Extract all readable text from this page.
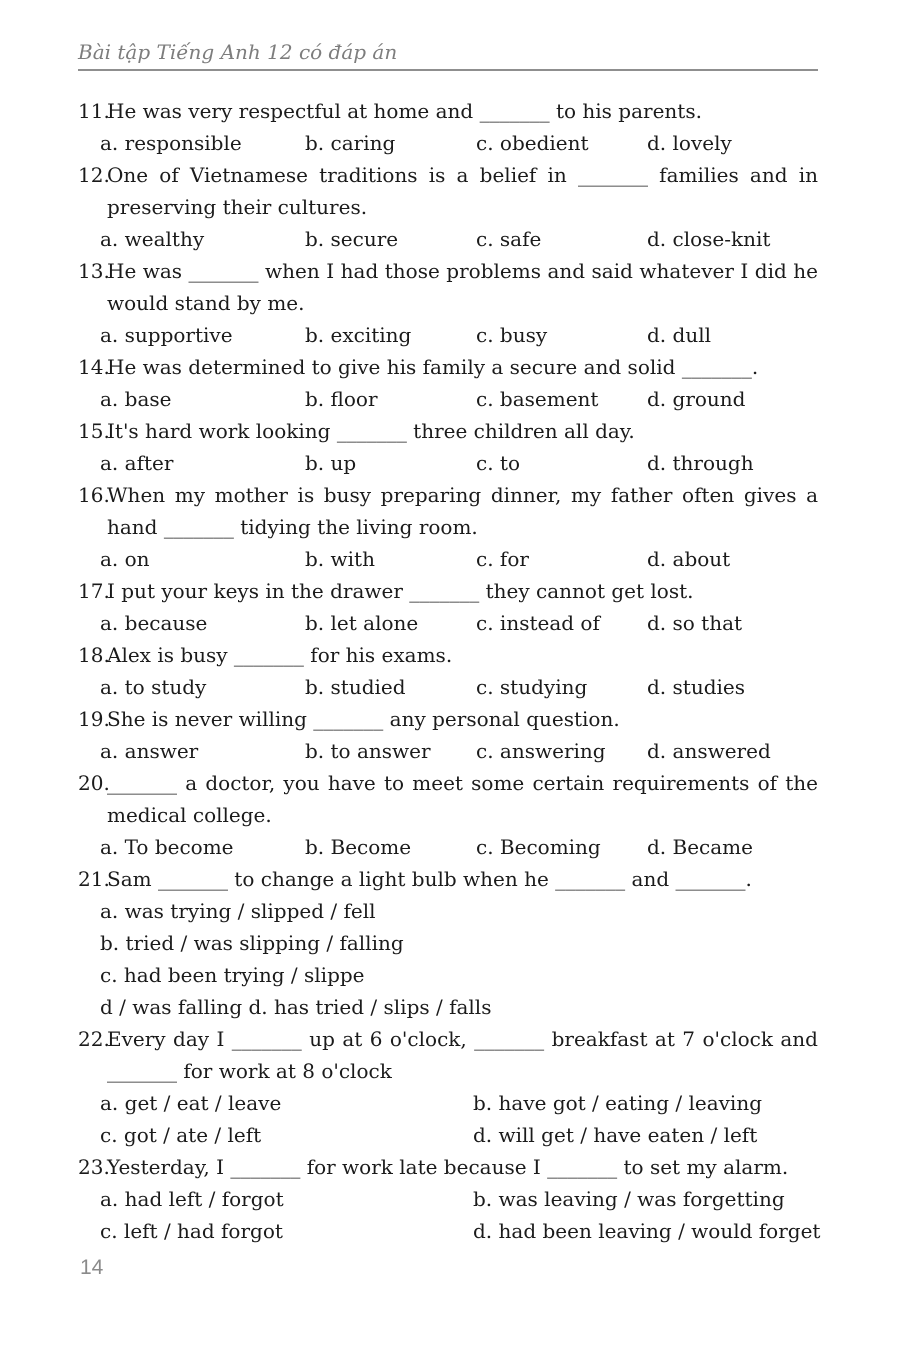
Bài tập Tiếng Anh 12 có đáp án
11.He was very respectful at home and _______ to his parents.
a. responsible	b. caring	c. obedient	d. lovely
12.One of Vietnamese traditions is a belief in _______ families and in preserving their cultures.
a. wealthy	b. secure	c. safe	d. close-knit
13.He was _______ when I had those problems and said whatever I did he would stand by me.
a. supportive	b. exciting	c. busy	d. dull
14.He was determined to give his family a secure and solid _______.
a. base	b. floor	c. basement	d. ground
15.It's hard work looking _______ three children all day.
a. after	b. up	c. to	d. through
16.When my mother is busy preparing dinner, my father often gives a hand _______ tidying the living room.
a. on	b. with	c. for	d. about
17.I put your keys in the drawer _______ they cannot get lost.
a. because	b. let alone	c. instead of	d. so that
18.Alex is busy _______ for his exams.
a. to study	b. studied	c. studying	d. studies
19.She is never willing _______ any personal question.
a. answer	b. to answer	c. answering	d. answered
20._______ a doctor, you have to meet some certain requirements of the medical college.
a. To become	b. Become	c. Becoming	d. Became
21.Sam _______ to change a light bulb when he _______ and _______.
a. was trying / slipped / fell
b. tried / was slipping / falling
c. had been trying / slippe
d / was falling d. has tried / slips / falls
22.Every day I _______ up at 6 o'clock, _______ breakfast at 7 o'clock and _______ for work at 8 o'clock
a. get / eat / leave	b. have got / eating / leaving
c. got / ate / left	d. will get / have eaten / left
23.Yesterday, I _______ for work late because I _______ to set my alarm.
a. had left / forgot	b. was leaving / was forgetting
c. left / had forgot	d. had been leaving / would forget
14
